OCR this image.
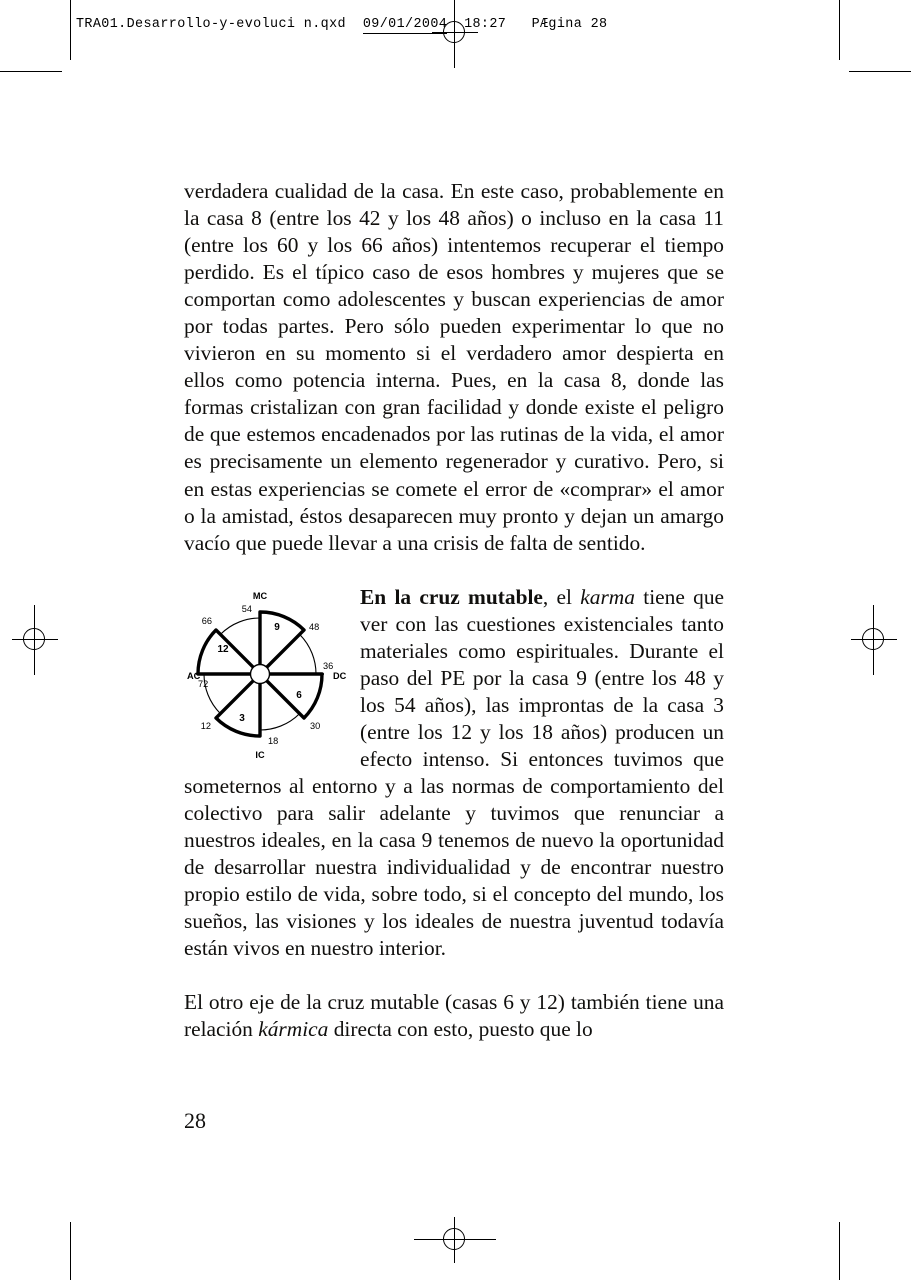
TRA01.Desarrollo-y-evoluci n.qxd 09/01/2004 18:27 PÆgina 28

verdadera cualidad de la casa. En este caso, probablemente en la casa 8 (entre los 42 y los 48 años) o incluso en la casa 11 (entre los 60 y los 66 años) intentemos recuperar el tiempo perdido. Es el típico caso de esos hombres y mujeres que se comportan como adolescentes y buscan experiencias de amor por todas partes. Pero sólo pueden experimentar lo que no vivieron en su momento si el verdadero amor despierta en ellos como potencia interna. Pues, en la casa 8, donde las formas cristalizan con gran facilidad y donde existe el peligro de que estemos encadenados por las rutinas de la vida, el amor es precisamente un elemento regenerador y curativo. Pero, si en estas experiencias se comete el error de «comprar» el amor o la amistad, éstos desaparecen muy pronto y dejan un amargo vacío que puede llevar a una crisis de falta de sentido.

MC
DC
IC
AC
9
6
3
12
54
48
36
30
18
12
72
66

En la cruz mutable, el karma tiene que ver con las cuestiones existenciales tanto materiales como espirituales. Durante el paso del PE por la casa 9 (entre los 48 y los 54 años), las improntas de la casa 3 (entre los 12 y los 18 años) producen un efecto intenso. Si entonces tuvimos que someternos al entorno y a las normas de comportamiento del colectivo para salir adelante y tuvimos que renunciar a nuestros ideales, en la casa 9 tenemos de nuevo la oportunidad de desarrollar nuestra individualidad y de encontrar nuestro propio estilo de vida, sobre todo, si el concepto del mundo, los sueños, las visiones y los ideales de nuestra juventud todavía están vivos en nuestro interior.

El otro eje de la cruz mutable (casas 6 y 12) también tiene una relación kármica directa con esto, puesto que lo

28
